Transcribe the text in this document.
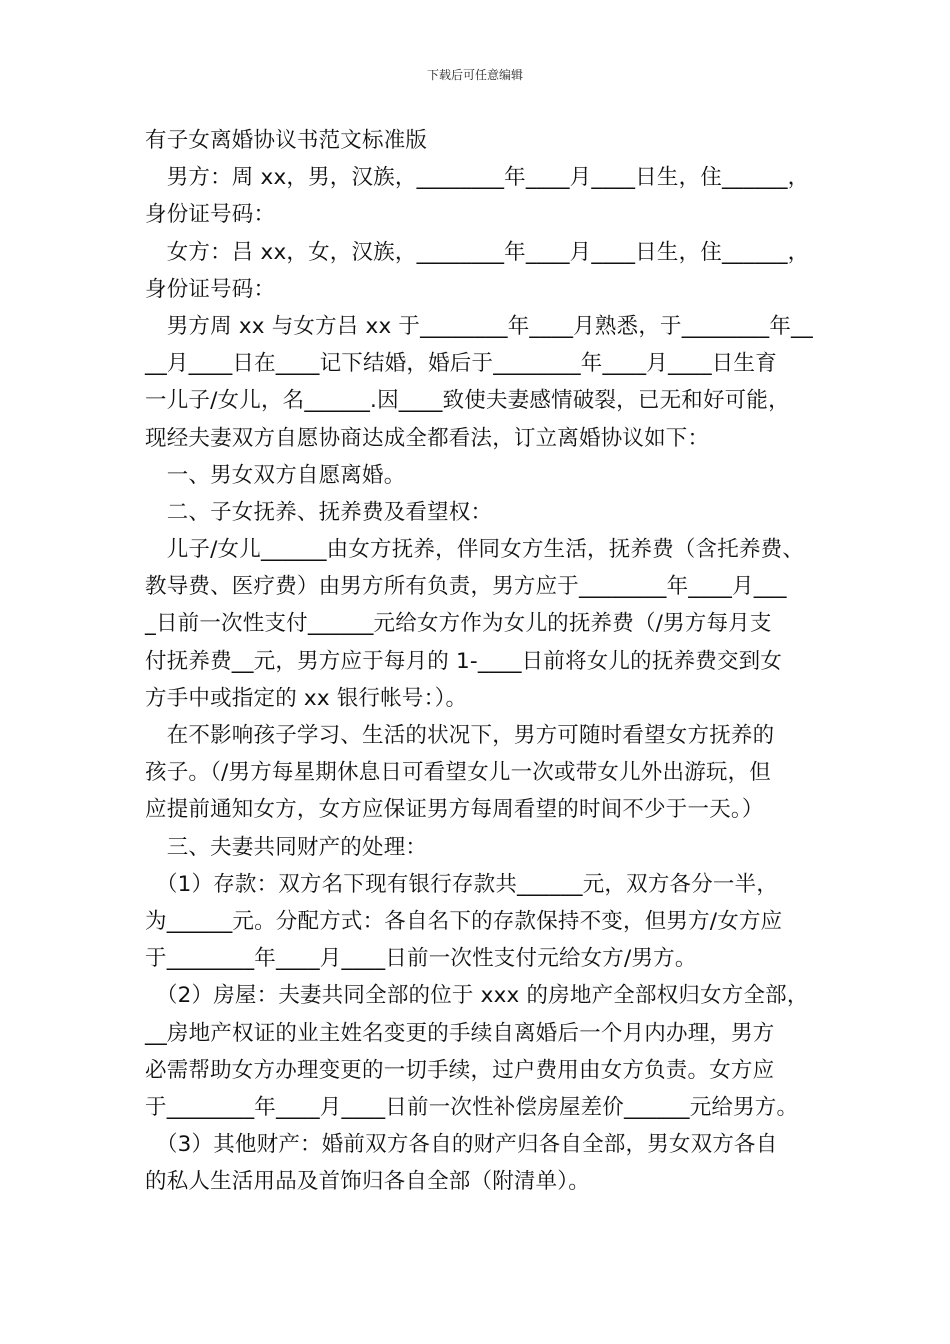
下载后可任意编辑
有子女离婚协议书范文标准版
　男方：周 xx，男，汉族，________年____月____日生，住______，
身份证号码：
　女方：吕 xx，女，汉族，________年____月____日生，住______，
身份证号码：
　男方周 xx 与女方吕 xx 于________年____月熟悉，于________年__
__月____日在____记下结婚，婚后于________年____月____日生育
一儿子/女儿，名______.因____致使夫妻感情破裂，已无和好可能，
现经夫妻双方自愿协商达成全都看法，订立离婚协议如下：
　一、男女双方自愿离婚。
　二、子女抚养、抚养费及看望权：
　儿子/女儿______由女方抚养，伴同女方生活，抚养费（含托养费、
教导费、医疗费）由男方所有负责，男方应于________年____月___
_日前一次性支付______元给女方作为女儿的抚养费（/男方每月支
付抚养费__元，男方应于每月的 1-____日前将女儿的抚养费交到女
方手中或指定的 xx 银行帐号：）。
　在不影响孩子学习、生活的状况下，男方可随时看望女方抚养的
孩子。（/男方每星期休息日可看望女儿一次或带女儿外出游玩，但
应提前通知女方，女方应保证男方每周看望的时间不少于一天。）
　三、夫妻共同财产的处理：
　（1）存款：双方名下现有银行存款共______元，双方各分一半，
为______元。分配方式：各自名下的存款保持不变，但男方/女方应
于________年____月____日前一次性支付元给女方/男方。
　（2）房屋：夫妻共同全部的位于 xxx 的房地产全部权归女方全部，
__房地产权证的业主姓名变更的手续自离婚后一个月内办理，男方
必需帮助女方办理变更的一切手续，过户费用由女方负责。女方应
于________年____月____日前一次性补偿房屋差价______元给男方。
　（3）其他财产：婚前双方各自的财产归各自全部，男女双方各自
的私人生活用品及首饰归各自全部（附清单）。
